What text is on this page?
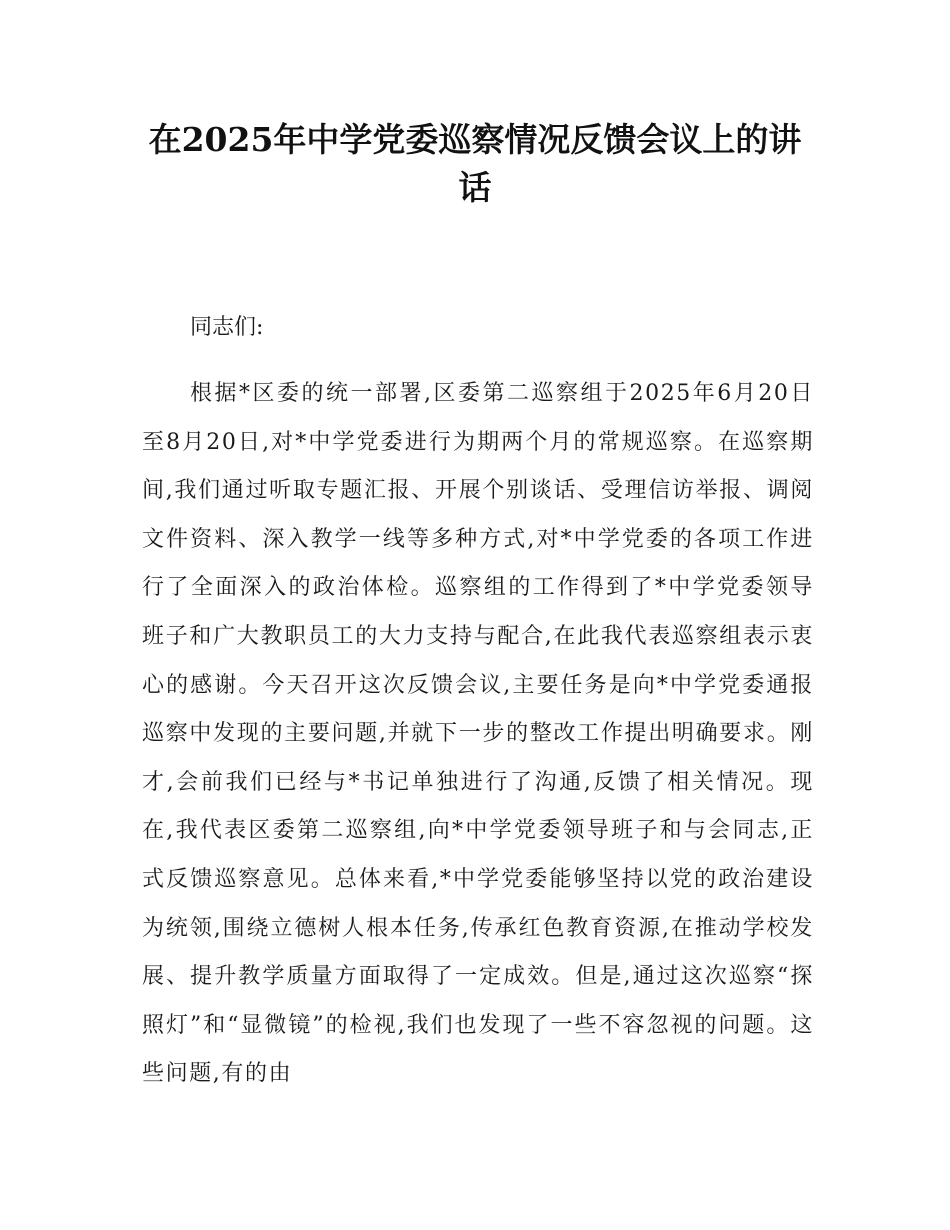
在2025年中学党委巡察情况反馈会议上的讲话

同志们:

根据*区委的统一部署,区委第二巡察组于2025年6月20日至8月20日,对*中学党委进行为期两个月的常规巡察。在巡察期间,我们通过听取专题汇报、开展个别谈话、受理信访举报、调阅文件资料、深入教学一线等多种方式,对*中学党委的各项工作进行了全面深入的政治体检。巡察组的工作得到了*中学党委领导班子和广大教职员工的大力支持与配合,在此我代表巡察组表示衷心的感谢。今天召开这次反馈会议,主要任务是向*中学党委通报巡察中发现的主要问题,并就下一步的整改工作提出明确要求。刚才,会前我们已经与*书记单独进行了沟通,反馈了相关情况。现在,我代表区委第二巡察组,向*中学党委领导班子和与会同志,正式反馈巡察意见。总体来看,*中学党委能够坚持以党的政治建设为统领,围绕立德树人根本任务,传承红色教育资源,在推动学校发展、提升教学质量方面取得了一定成效。但是,通过这次巡察“探照灯”和“显微镜”的检视,我们也发现了一些不容忽视的问题。这些问题,有的由
